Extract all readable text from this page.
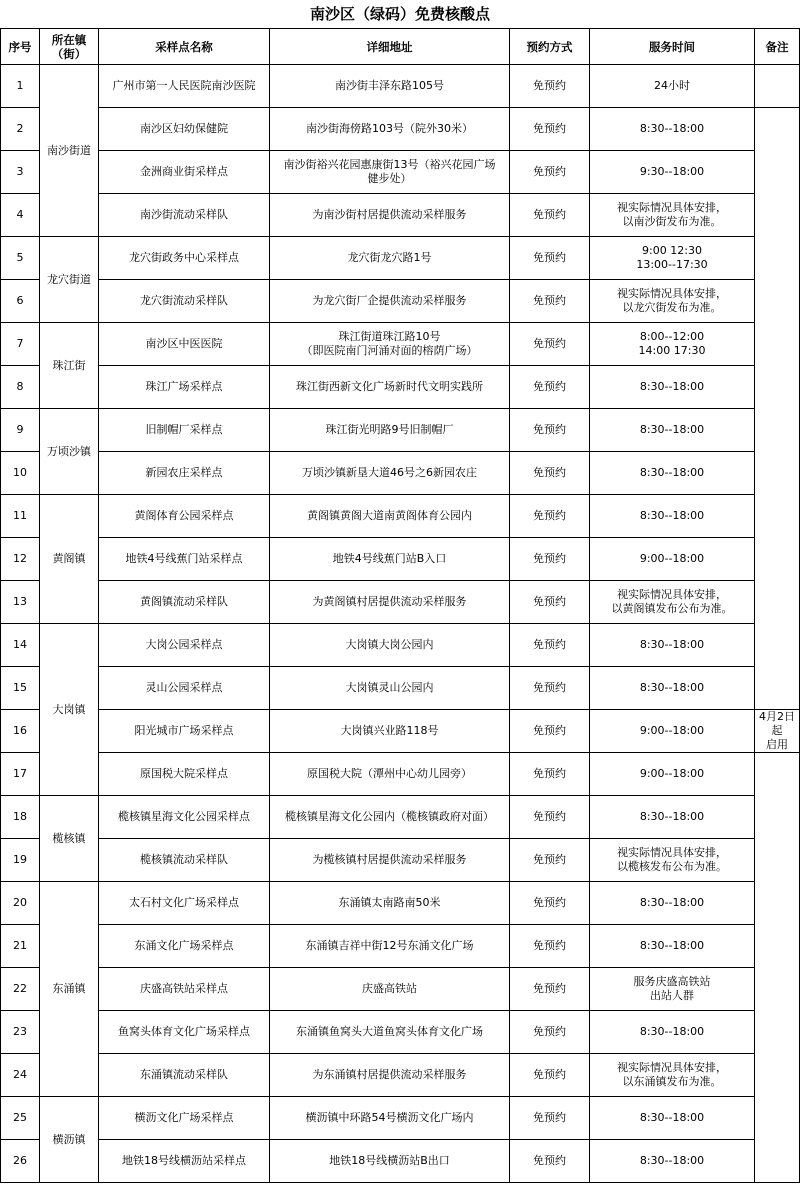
南沙区（绿码）免费核酸点
序号	所在镇
（街）	采样点名称	详细地址	预约方式	服务时间	备注
1	南沙街道	广州市第一人民医院南沙医院	南沙街丰泽东路105号	免预约	24小时	
2		南沙区妇幼保健院	南沙街海傍路103号（院外30米）	免预约	8:30--18:00	
3		金洲商业街采样点	南沙街裕兴花园惠康街13号（裕兴花园广场
健步处）	免预约	9:30--18:00	
4		南沙街流动采样队	为南沙街村居提供流动采样服务	免预约	视实际情况具体安排，
以南沙街发布为准。	
5	龙穴街道	龙穴街政务中心采样点	龙穴街龙穴路1号	免预约	9:00 12:30
13:00--17:30	
6		龙穴街流动采样队	为龙穴街厂企提供流动采样服务	免预约	视实际情况具体安排，
以龙穴街发布为准。	
7	珠江街	南沙区中医医院	珠江街道珠江路10号
（即医院南门河涌对面的榕荫广场）	免预约	8:00--12:00
14:00 17:30	
8		珠江广场采样点	珠江街西新文化广场新时代文明实践所	免预约	8:30--18:00	
9	万顷沙镇	旧制帽厂采样点	珠江街光明路9号旧制帽厂	免预约	8:30--18:00	
10		新园农庄采样点	万顷沙镇新垦大道46号之6新园农庄	免预约	8:30--18:00	
11	黄阁镇	黄阁体育公园采样点	黄阁镇黄阁大道南黄阁体育公园内	免预约	8:30--18:00	
12		地铁4号线蕉门站采样点	地铁4号线蕉门站B入口	免预约	9:00--18:00	
13		黄阁镇流动采样队	为黄阁镇村居提供流动采样服务	免预约	视实际情况具体安排，
以黄阁镇发布公布为准。	
14	大岗镇	大岗公园采样点	大岗镇大岗公园内	免预约	8:30--18:00	
15		灵山公园采样点	大岗镇灵山公园内	免预约	8:30--18:00	
16		阳光城市广场采样点	大岗镇兴业路118号	免预约	9:00--18:00	4月2日起
启用
17		原国税大院采样点	原国税大院（潭州中心幼儿园旁）	免预约	9:00--18:00	
18	榄核镇	榄核镇星海文化公园采样点	榄核镇星海文化公园内（榄核镇政府对面）	免预约	8:30--18:00	
19		榄核镇流动采样队	为榄核镇村居提供流动采样服务	免预约	视实际情况具体安排，
以榄核发布公布为准。	
20	东涌镇	太石村文化广场采样点	东涌镇太南路南50米	免预约	8:30--18:00	
21		东涌文化广场采样点	东涌镇吉祥中街12号东涌文化广场	免预约	8:30--18:00	
22		庆盛高铁站采样点	庆盛高铁站	免预约	服务庆盛高铁站
出站人群	
23		鱼窝头体育文化广场采样点	东涌镇鱼窝头大道鱼窝头体育文化广场	免预约	8:30--18:00	
24		东涌镇流动采样队	为东涌镇村居提供流动采样服务	免预约	视实际情况具体安排，
以东涌镇发布为准。	
25	横沥镇	横沥文化广场采样点	横沥镇中环路54号横沥文化广场内	免预约	8:30--18:00	
26		地铁18号线横沥站采样点	地铁18号线横沥站B出口	免预约	8:30--18:00	
